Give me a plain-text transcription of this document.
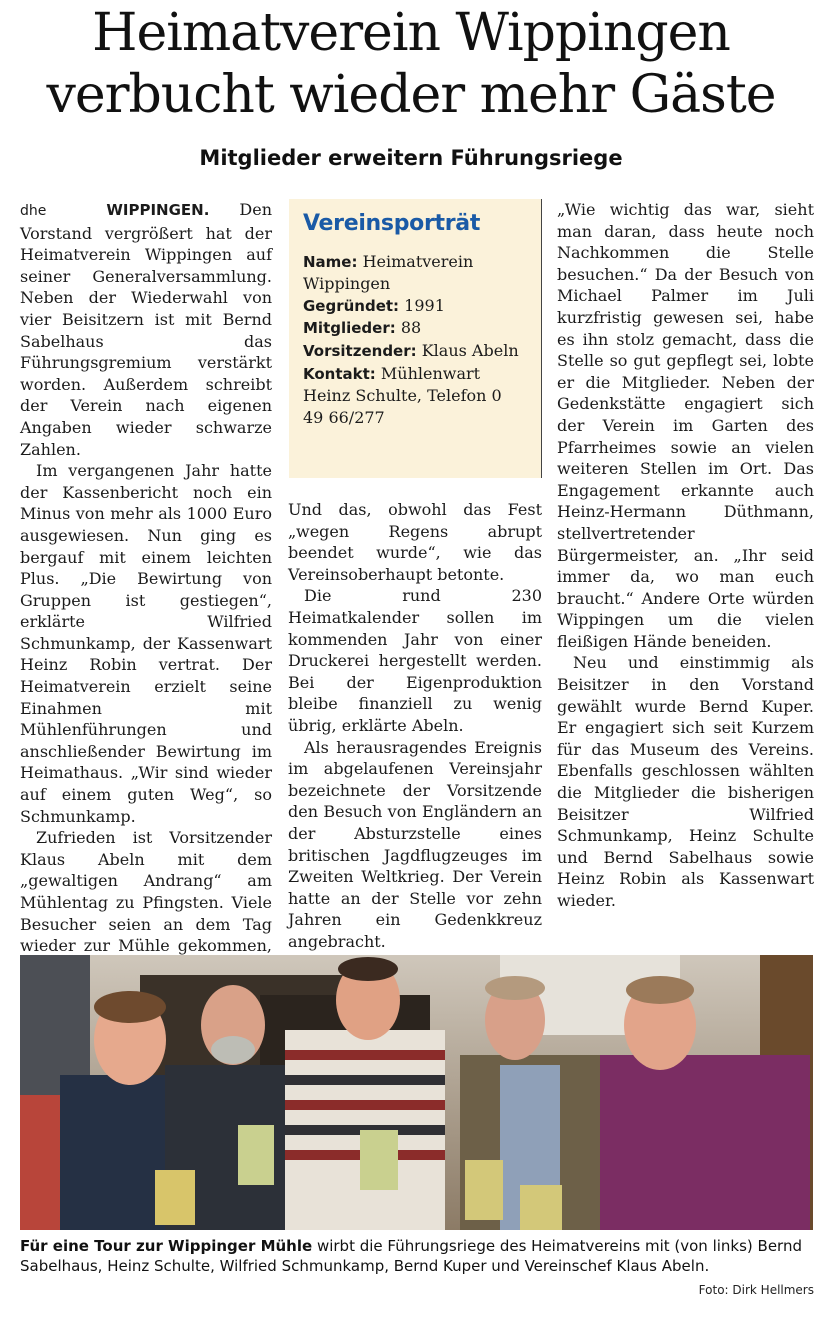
Heimatverein Wippingen
verbucht wieder mehr Gäste
Mitglieder erweitern Führungsriege

dhe	WIPPINGEN. Den Vorstand vergrößert hat der Heimatverein Wippingen auf seiner Generalversammlung. Neben der Wiederwahl von vier Beisitzern ist mit Bernd Sabelhaus das Führungsgremium verstärkt worden. Außerdem schreibt der Verein nach eigenen Angaben wieder schwarze Zahlen.

Im vergangenen Jahr hatte der Kassenbericht noch ein Minus von mehr als 1000 Euro ausgewiesen. Nun ging es bergauf mit einem leichten Plus. „Die Bewirtung von Gruppen ist gestiegen“, erklärte Wilfried Schmunkamp, der Kassenwart Heinz Robin vertrat. Der Heimatverein erzielt seine Einahmen mit Mühlenführungen und anschließender Bewirtung im Heimathaus. „Wir sind wieder auf einem guten Weg“, so Schmunkamp.

Zufrieden ist Vorsitzender Klaus Abeln mit dem „gewaltigen Andrang“ am Mühlentag zu Pfingsten. Viele Besucher seien an dem Tag wieder zur Mühle gekommen,

Vereinsporträt

Name: Heimatverein Wippingen

Gegründet: 1991

Mitglieder: 88

Vorsitzender: Klaus Abeln

Kontakt: Mühlenwart Heinz Schulte, Telefon 0 49 66/277

Und das, obwohl das Fest „wegen Regens abrupt beendet wurde“, wie das Vereinsoberhaupt betonte.

Die rund 230 Heimatkalender sollen im kommenden Jahr von einer Druckerei hergestellt werden. Bei der Eigenproduktion bleibe finanziell zu wenig übrig, erklärte Abeln.

Als herausragendes Ereignis im abgelaufenen Vereinsjahr bezeichnete der Vorsitzende den Besuch von Engländern an der Absturzstelle eines britischen Jagdflugzeuges im Zweiten Weltkrieg. Der Verein hatte an der Stelle vor zehn Jahren ein Gedenkkreuz angebracht.

„Wie wichtig das war, sieht man daran, dass heute noch Nachkommen die Stelle besuchen.“ Da der Besuch von Michael Palmer im Juli kurzfristig gewesen sei, habe es ihn stolz gemacht, dass die Stelle so gut gepflegt sei, lobte er die Mitglieder. Neben der Gedenkstätte engagiert sich der Verein im Garten des Pfarrheimes sowie an vielen weiteren Stellen im Ort. Das Engagement erkannte auch Heinz-Hermann Düthmann, stellvertretender Bürgermeister, an. „Ihr seid immer da, wo man euch braucht.“ Andere Orte würden Wippingen um die vielen fleißigen Hände beneiden.

Neu und einstimmig als Beisitzer in den Vorstand gewählt wurde Bernd Kuper. Er engagiert sich seit Kurzem für das Museum des Vereins. Ebenfalls geschlossen wählten die Mitglieder die bisherigen Beisitzer Wilfried Schmunkamp, Heinz Schulte und Bernd Sabelhaus sowie Heinz Robin als Kassenwart wieder.

Für eine Tour zur Wippinger Mühle wirbt die Führungsriege des Heimatvereins mit (von links) Bernd Sabelhaus, Heinz Schulte, Wilfried Schmunkamp, Bernd Kuper und Vereinschef Klaus Abeln.
Foto: Dirk Hellmers
